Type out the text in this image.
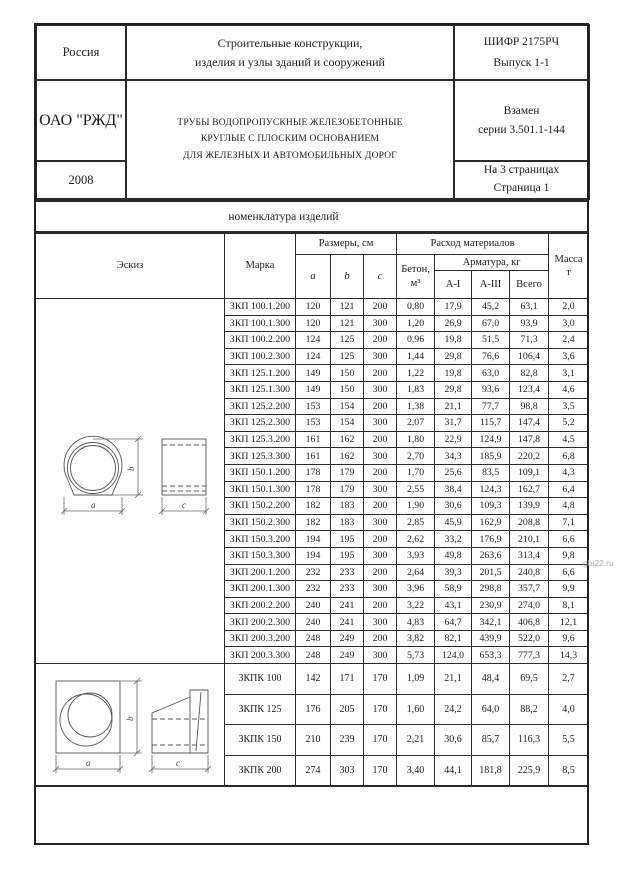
Россия	
Строительные конструкции,
изделия и узлы зданий и сооружений

ШИФР 2175РЧ
Выпуск 1-1

ОАО "РЖД"	ТРУБЫ ВОДОПРОПУСКНЫЕ ЖЕЛЕЗОБЕТОННЫЕ
КРУГЛЫЕ С ПЛОСКИМ ОСНОВАНИЕМ
ДЛЯ ЖЕЛЕЗНЫХ И АВТОМОБИЛЬНЫХ ДОРОГ

Взамен
серии 3.501.1-144

2008		На 3 страницах
Страница 1
номенклатура изделий
Эскиз	Марка	Размеры, см			Расход материалов				Масса
т

		a	b	c	Бетон,
м³	Арматура, кг			
						A-I	A-III	Всего	

b
a c	ЗКП 100.1.200	120	121	200	0,80	17,9	45,2	63,1	2,0
	ЗКП 100.1.300	120	121	300	1,20	26,9	67,0	93,9	3,0
	ЗКП 100.2.200	124	125	200	0,96	19,8	51,5	71,3	2,4
	ЗКП 100.2.300	124	125	300	1,44	29,8	76,6	106,4	3,6
	ЗКП 125.1.200	149	150	200	1,22	19,8	63,0	82,8	3,1
	ЗКП 125.1.300	149	150	300	1,83	29,8	93,6	123,4	4,6
	ЗКП 125.2.200	153	154	200	1,38	21,1	77,7	98,8	3,5
	ЗКП 125.2.300	153	154	300	2,07	31,7	115,7	147,4	5,2
	ЗКП 125.3.200	161	162	200	1,80	22,9	124,9	147,8	4,5
	ЗКП 125.3.300	161	162	300	2,70	34,3	185,9	220,2	6,8
	ЗКП 150.1.200	178	179	200	1,70	25,6	83,5	109,1	4,3
	ЗКП 150.1.300	178	179	300	2,55	38,4	124,3	162,7	6,4
	ЗКП 150.2.200	182	183	200	1,90	30,6	109,3	139,9	4,8
	ЗКП 150.2.300	182	183	300	2,85	45,9	162,9	208,8	7,1
	ЗКП 150.3.200	194	195	200	2,62	33,2	176,9	210,1	6,6
	ЗКП 150.3.300	194	195	300	3,93	49,8	263,6	313,4	9,8
	ЗКП 200.1.200	232	233	200	2,64	39,3	201,5	240,8	6,6
	ЗКП 200.1.300	232	233	300	3,96	58,9	298,8	357,7	9,9
	ЗКП 200.2.200	240	241	200	3,22	43,1	230,9	274,0	8,1
	ЗКП 200.2.300	240	241	300	4,83	64,7	342,1	406,8	12,1
	ЗКП 200.3.200	248	249	200	3,82	82,1	439,9	522,0	9,6
	ЗКП 200.3.300	248	249	300	5,73	124,0	653,3	777,3	14,3

b
a c	ЗКПК 100	142	171	170	1,09	21,1	48,4	69,5	2,7
	ЗКПК 125	176	205	170	1,60	24,2	64,0	88,2	4,0
	ЗКПК 150	210	239	170	2,21	30,6	85,7	116,3	5,5
	ЗКПК 200	274	303	170	3,40	44,1	181,8	225,9	8,5

gbi22.ru
